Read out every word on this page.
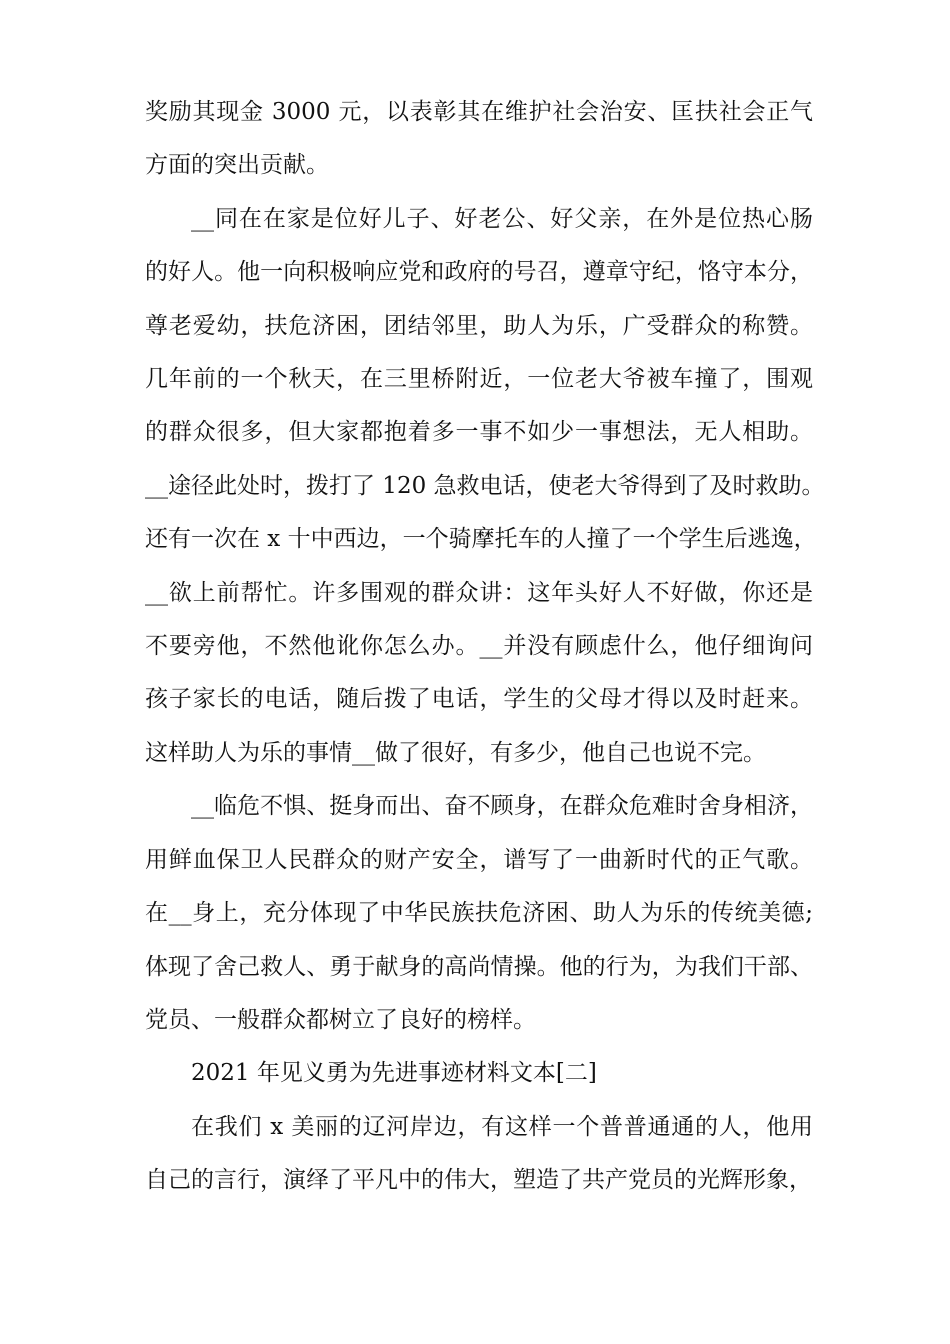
奖励其现金 3000 元，以表彰其在维护社会治安、匡扶社会正气
方面的突出贡献。
__同在在家是位好儿子、好老公、好父亲，在外是位热心肠
的好人。他一向积极响应党和政府的号召，遵章守纪，恪守本分，
尊老爱幼，扶危济困，团结邻里，助人为乐，广受群众的称赞。
几年前的一个秋天，在三里桥附近，一位老大爷被车撞了，围观
的群众很多，但大家都抱着多一事不如少一事想法，无人相助。
__途径此处时，拨打了 120 急救电话，使老大爷得到了及时救助。
还有一次在 x 十中西边，一个骑摩托车的人撞了一个学生后逃逸，
__欲上前帮忙。许多围观的群众讲：这年头好人不好做，你还是
不要旁他，不然他讹你怎么办。__并没有顾虑什么，他仔细询问
孩子家长的电话，随后拨了电话，学生的父母才得以及时赶来。
这样助人为乐的事情__做了很好，有多少，他自己也说不完。
__临危不惧、挺身而出、奋不顾身，在群众危难时舍身相济，
用鲜血保卫人民群众的财产安全，谱写了一曲新时代的正气歌。
在__身上，充分体现了中华民族扶危济困、助人为乐的传统美德;
体现了舍己救人、勇于献身的高尚情操。他的行为，为我们干部、
党员、一般群众都树立了良好的榜样。
2021 年见义勇为先进事迹材料文本[二]
在我们 x 美丽的辽河岸边，有这样一个普普通通的人，他用
自己的言行，演绎了平凡中的伟大，塑造了共产党员的光辉形象，
